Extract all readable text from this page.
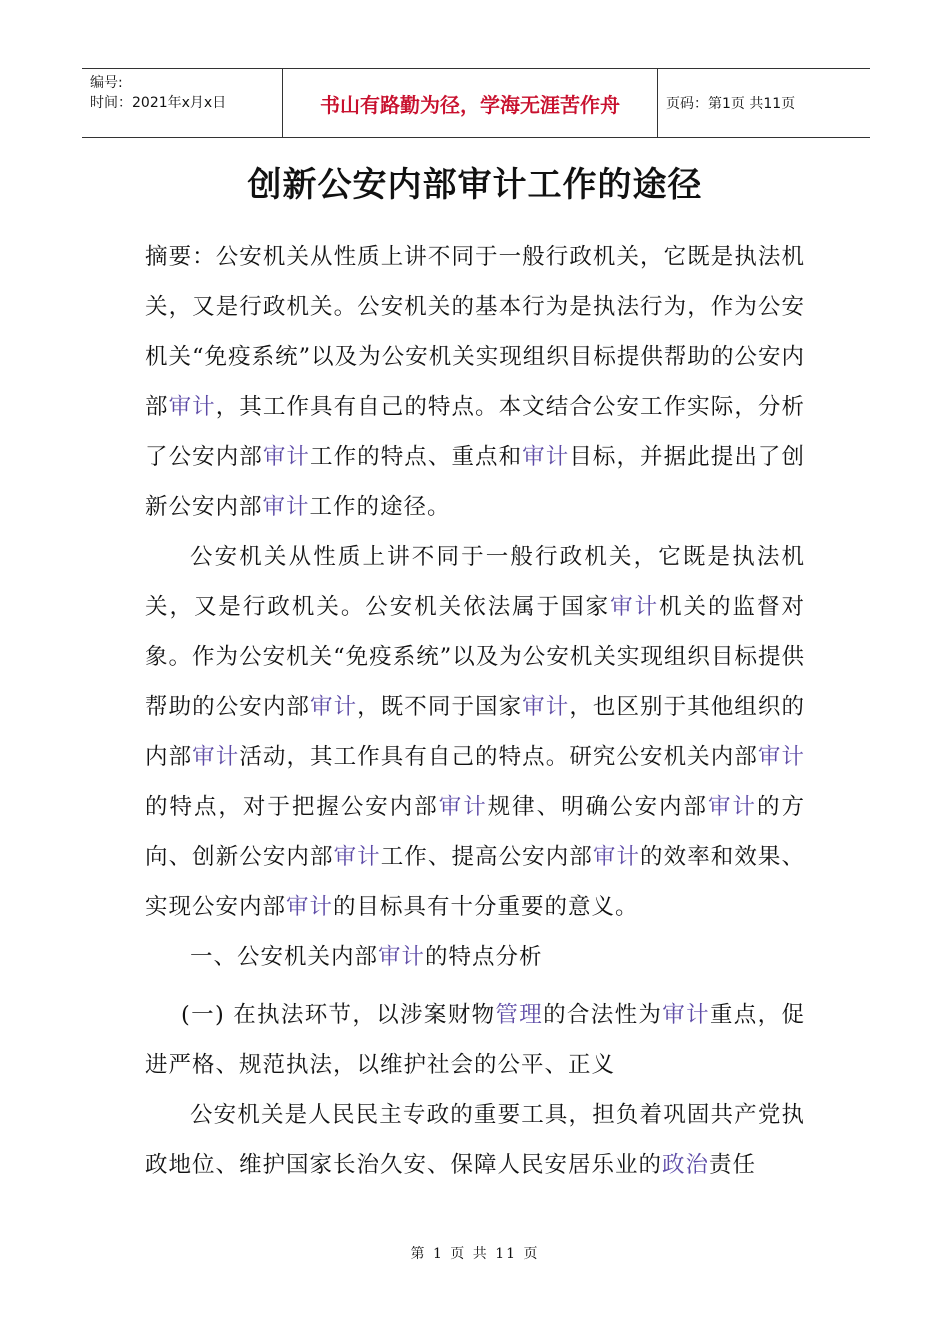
编号:
时间：2021年x月x日	书山有路勤为径，学海无涯苦作舟	页码：第1页 共11页
创新公安内部审计工作的途径

摘要：公安机关从性质上讲不同于一般行政机关，它既是执法机关，又是行政机关。公安机关的基本行为是执法行为，作为公安机关“免疫系统”以及为公安机关实现组织目标提供帮助的公安内部审计，其工作具有自己的特点。本文结合公安工作实际，分析了公安内部审计工作的特点、重点和审计目标，并据此提出了创新公安内部审计工作的途径。

公安机关从性质上讲不同于一般行政机关，它既是执法机关，又是行政机关。公安机关依法属于国家审计机关的监督对象。作为公安机关“免疫系统”以及为公安机关实现组织目标提供帮助的公安内部审计，既不同于国家审计，也区别于其他组织的内部审计活动，其工作具有自己的特点。研究公安机关内部审计的特点，对于把握公安内部审计规律、明确公安内部审计的方向、创新公安内部审计工作、提高公安内部审计的效率和效果、实现公安内部审计的目标具有十分重要的意义。

一、公安机关内部审计的特点分析

(一) 在执法环节，以涉案财物管理的合法性为审计重点，促进严格、规范执法，以维护社会的公平、正义

公安机关是人民民主专政的重要工具，担负着巩固共产党执政地位、维护国家长治久安、保障人民安居乐业的政治责任

第 1 页 共 11 页
